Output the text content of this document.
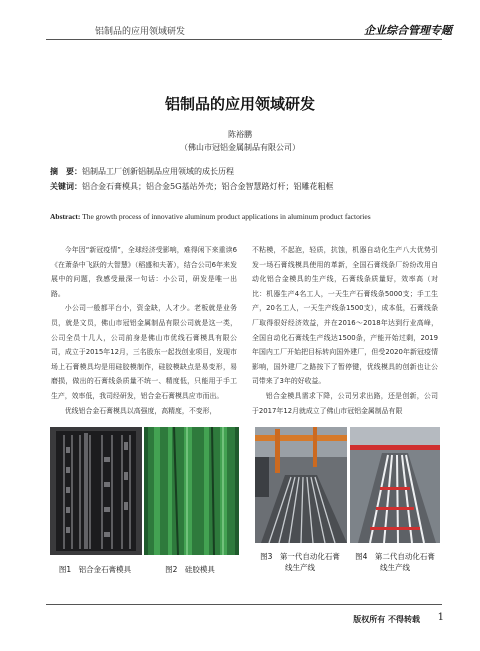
铝制品的应用领域研发	企业综合管理专题
铝制品的应用领域研发
陈裕鹏
（佛山市冠铝金属制品有限公司）
摘　要：铝制品工厂创新铝制品应用领域的成长历程
关键词：铝合金石膏模具；铝合金5G基站外壳；铝合金智慧路灯杆；铝雕花粗框
Abstract: The growth process of innovative aluminum product applications in aluminum product factories

今年因“新冠疫情”，全球经济受影响，难得闲下来重读6《在萧条中飞跃的大智慧》（稻盛和夫著），结合公司6年来发展中的问题，我感受最深一句话：小公司，研发是唯一出路。

小公司一般都平台小，资金缺，人才少。老板就是业务员，就是文员，佛山市冠铝金属制品有限公司就是这一类，公司全员十几人，公司前身是佛山市优线石膏模具有限公司，成立于2015年12月，三名股东一起找创业项目，发现市场上石膏模具均是用硅胶模制作，硅胶模缺点是易变形，易磨损，做出的石膏线条质量不统一、精度低，只能用于手工生产，效率低，我司经研发，铝合金石膏模具应市而出。

优线铝合金石膏模具以高强度，高精度，不变形，

不粘模，不起泡，轻质，抗蚀，机器自动化生产八大优势引发一场石膏线模具使用的革新，全国石膏线条厂纷纷改用自动化铝合金模具的生产线，石膏线条质量好，效率高（对比：机器生产4名工人，一天生产石膏线条5000支；手工生产，20名工人，一天生产线条1500支），成本低，石膏线条厂取得很好经济效益，并在2016～2018年达到行业高峰，全国自动化石膏线生产线达1500条，产能开始过剩，2019年国内工厂开始把目标转向国外建厂，但受2020年新冠疫情影响，国外建厂之路按下了暂停键，优线模具的创新也让公司带来了3年的好收益。

铝合金模具需求下降，公司另求出路，还是创新，公司于2017年12月就成立了佛山市冠铝金属制品有限

图1　铝合金石膏模具	图2　硅胶模具
图3　第一代自动化石膏
线生产线
图4　第二代自动化石膏
线生产线
版权所有 不得转载 1
